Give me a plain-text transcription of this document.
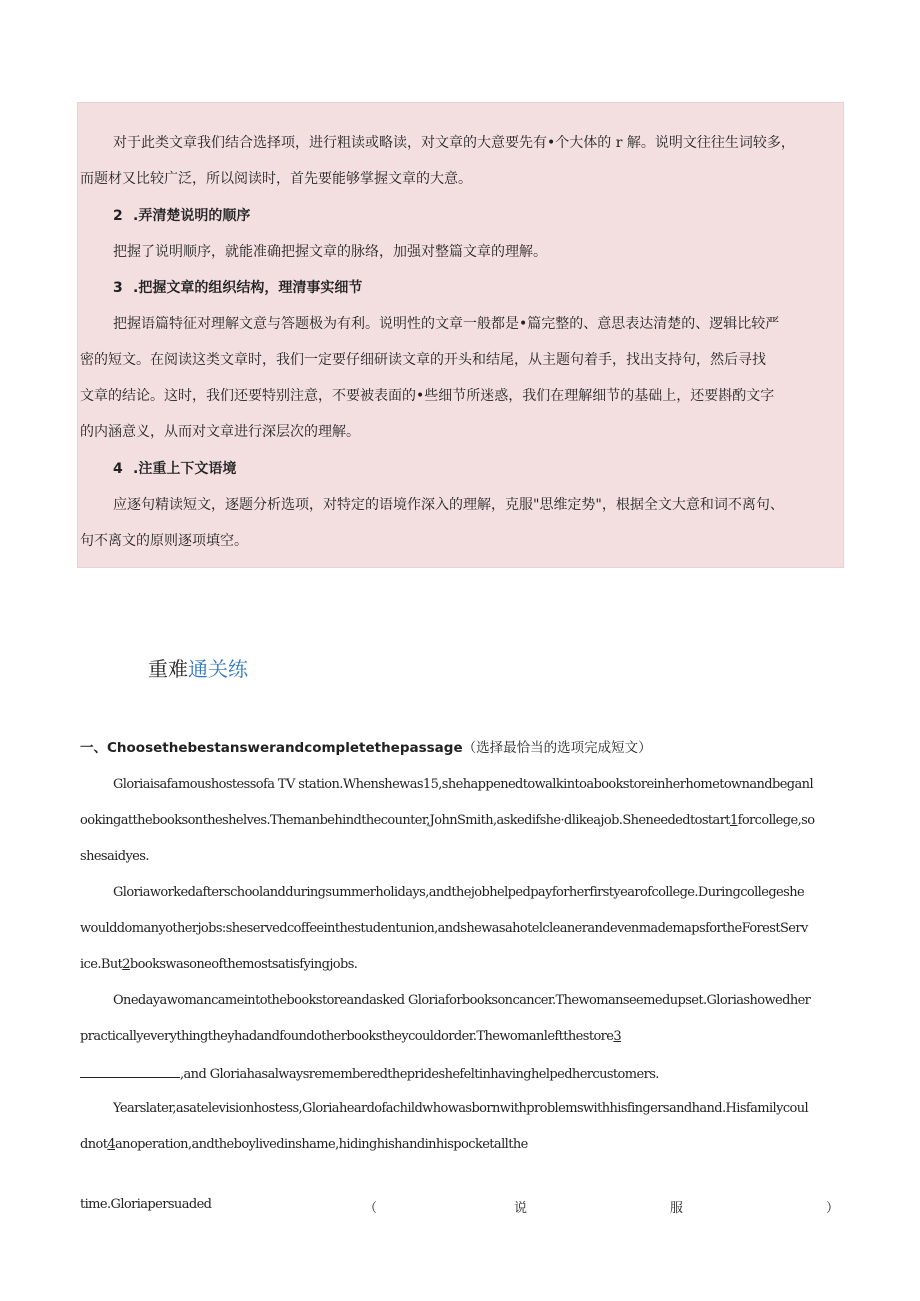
对于此类文章我们结合选择项，进行粗读或略读，对文章的大意要先有•个大体的 r 解。说明文往往生词较多，
而题材又比较广泛，所以阅读时，首先要能够掌握文章的大意。
2 .弄清楚说明的顺序
把握了说明顺序，就能准确把握文章的脉络，加强对整篇文章的理解。
3 .把握文章的组织结构，理清事实细节
把握语篇特征对理解文意与答题极为有利。说明性的文章一般都是•篇完整的、意思表达清楚的、逻辑比较严
密的短文。在阅读这类文章时，我们一定要仔细研读文章的开头和结尾，从主题句着手，找出支持句，然后寻找
文章的结论。这时，我们还要特别注意，不要被表面的•些细节所迷惑，我们在理解细节的基础上，还要斟酌文字
的内涵意义，从而对文章进行深层次的理解。
4 .注重上下文语境
应逐句精读短文，逐题分析选项，对特定的语境作深入的理解，克服"思维定势"，根据全文大意和词不离句、
句不离文的原则逐项填空。
重难通关练
一、Choosethebestanswerandcompletethepassage（选择最恰当的选项完成短文）
Gloriaisafamoushostessofa TV station.Whenshewas15,shehappenedtowalkintoabookstoreinherhometownandbeganl
ookingatthebooksontheshelves.Themanbehindthecounter,JohnSmith,askedifshe·dlikeajob.Sheneededtostart1forcollege,so
shesaidyes.
Gloriaworkedafterschoolandduringsummerholidays,andthejobhelpedpayforherfirstyearofcollege.Duringcollegeshe
woulddomanyotherjobs:sheservedcoffeeinthestudentunion,andshewasahotelcleanerandevenmademapsfortheForestServ
ice.But2bookswasoneofthemostsatisfyingjobs.
Onedayawomancameintothebookstoreandasked Gloriaforbooksoncancer.Thewomanseemedupset.Gloriashowedher
practicallyeverythingtheyhadandfoundotherbookstheycouldorder.Thewomanleftthestore3
,and Gloriahasalwaysrememberedtheprideshefeltinhavinghelpedhercustomers.
Yearslater,asatelevisionhostess,Gloriaheardofachildwhowasbornwithproblemswithhisfingersandhand.Hisfamilycoul
dnot4anoperation,andtheboylivedinshame,hidinghishandinhispocketallthe
time.Gloriapersuaded	（	说	服	）
